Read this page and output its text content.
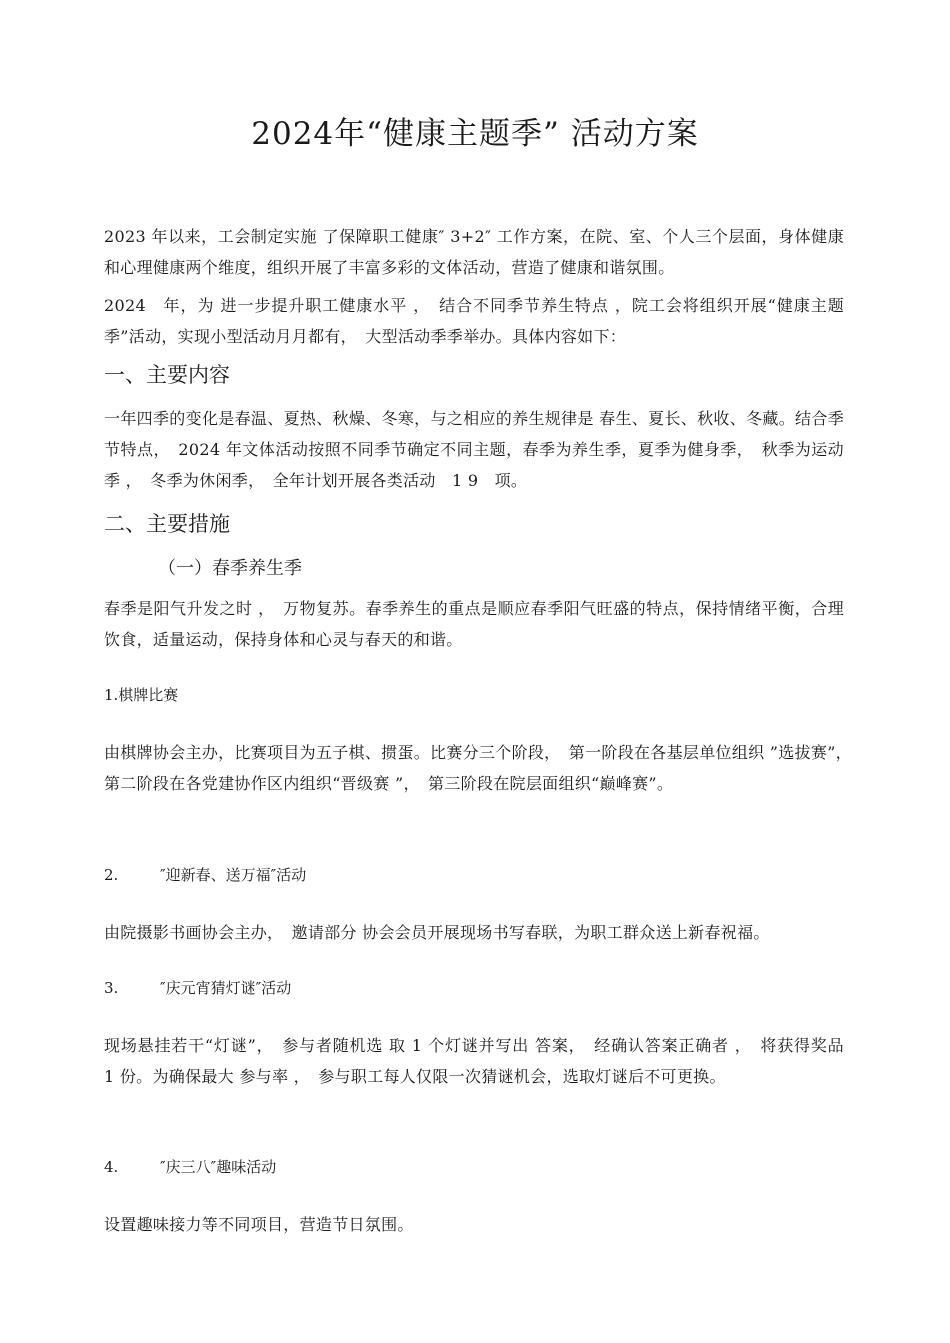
2024年“健康主题季” 活动方案
2023 年以来，工会制定实施 了保障职工健康″ 3+2″ 工作方案，在院、室、个人三个层面，身体健康和心理健康两个维度，组织开展了丰富多彩的文体活动，营造了健康和谐氛围。
2024　年，为 进一步提升职工健康水平 ，　结合不同季节养生特点 ，院工会将组织开展“健康主题季”活动，实现小型活动月月都有，　大型活动季季举办。具体内容如下：
一、主要内容
一年四季的变化是春温、夏热、秋燥、冬寒，与之相应的养生规律是 春生、夏长、秋收、冬藏。结合季节特点，　2024 年文体活动按照不同季节确定不同主题，春季为养生季，夏季为健身季，　秋季为运动季 ，　冬季为休闲季，　全年计划开展各类活动　1 9　项。
二、主要措施
（一）春季养生季
春季是阳气升发之时 ，　万物复苏。春季养生的重点是顺应春季阳气旺盛的特点，保持情绪平衡，合理饮食，适量运动，保持身体和心灵与春天的和谐。
1.棋牌比赛
由棋牌协会主办，比赛项目为五子棋、掼蛋。比赛分三个阶段，　第一阶段在各基层单位组织 ”选拔赛”，　第二阶段在各党建协作区内组织“晋级赛 ”，　第三阶段在院层面组织“巅峰赛”。
2.	″迎新春、送万福″活动
由院摄影书画协会主办，　邀请部分 协会会员开展现场书写春联，为职工群众送上新春祝福。
3.	″庆元宵猜灯谜″活动
现场悬挂若干“灯谜”，　参与者随机选 取 1 个灯谜并写出 答案，　经确认答案正确者 ，　将获得奖品　1 份。为确保最大 参与率 ，　参与职工每人仅限一次猜谜机会，选取灯谜后不可更换。
4.	″庆三八″趣味活动
设置趣味接力等不同项目，营造节日氛围。
